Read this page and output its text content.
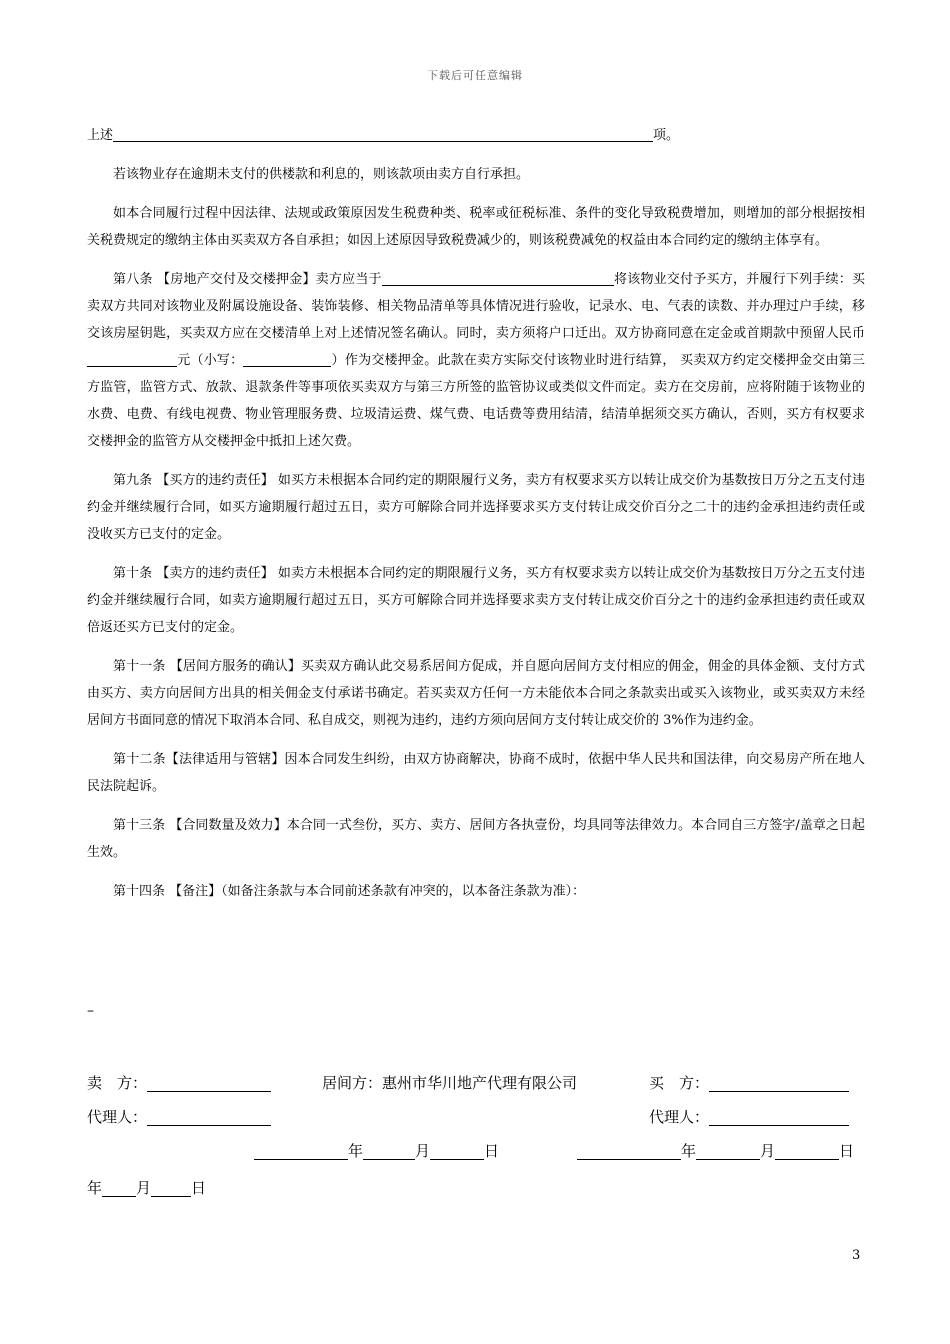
下载后可任意编辑

上述	项。

若该物业存在逾期未支付的供楼款和利息的，则该款项由卖方自行承担。

如本合同履行过程中因法律、法规或政策原因发生税费种类、税率或征税标准、条件的变化导致税费增加，则增加的部分根据按相关税费规定的缴纳主体由买卖双方各自承担；如因上述原因导致税费减少的，则该税费减免的权益由本合同约定的缴纳主体享有。

第八条 【房地产交付及交楼押金】卖方应当于	将该物业交付予买方，并履行下列手续：买卖双方共同对该物业及附属设施设备、装饰装修、相关物品清单等具体情况进行验收，记录水、电、气表的读数、并办理过户手续，移交该房屋钥匙，买卖双方应在交楼清单上对上述情况签名确认。同时，卖方须将户口迁出。双方协商同意在定金或首期款中预留人民币元（小写：	）作为交楼押金。此款在卖方实际交付该物业时进行结算， 买卖双方约定交楼押金交由第三方监管，监管方式、放款、退款条件等事项依买卖双方与第三方所签的监管协议或类似文件而定。卖方在交房前，应将附随于该物业的水费、电费、有线电视费、物业管理服务费、垃圾清运费、煤气费、电话费等费用结清，结清单据须交买方确认，否则，买方有权要求交楼押金的监管方从交楼押金中抵扣上述欠费。

第九条 【买方的违约责任】 如买方未根据本合同约定的期限履行义务，卖方有权要求买方以转让成交价为基数按日万分之五支付违约金并继续履行合同，如买方逾期履行超过五日，卖方可解除合同并选择要求买方支付转让成交价百分之二十的违约金承担违约责任或没收买方已支付的定金。

第十条 【卖方的违约责任】 如卖方未根据本合同约定的期限履行义务，买方有权要求卖方以转让成交价为基数按日万分之五支付违约金并继续履行合同，如卖方逾期履行超过五日，买方可解除合同并选择要求卖方支付转让成交价百分之十的违约金承担违约责任或双倍返还买方已支付的定金。

第十一条 【居间方服务的确认】买卖双方确认此交易系居间方促成，并自愿向居间方支付相应的佣金，佣金的具体金额、支付方式由买方、卖方向居间方出具的相关佣金支付承诺书确定。若买卖双方任何一方未能依本合同之条款卖出或买入该物业，或买卖双方未经居间方书面同意的情况下取消本合同、私自成交，则视为违约，违约方须向居间方支付转让成交价的 3%作为违约金。

第十二条【法律适用与管辖】因本合同发生纠纷，由双方协商解决，协商不成时，依据中华人民共和国法律，向交易房产所在地人民法院起诉。

第十三条 【合同数量及效力】本合同一式叁份，买方、卖方、居间方各执壹份，均具同等法律效力。本合同自三方签字/盖章之日起生效。

第十四条 【备注】（如备注条款与本合同前述条款有冲突的，以本备注条款为准）：

–
卖　方：	居间方：惠州市华川地产代理有限公司	买　方：
代理人：	代理人：
年	月	日	年	月	日
年 月	日
3
